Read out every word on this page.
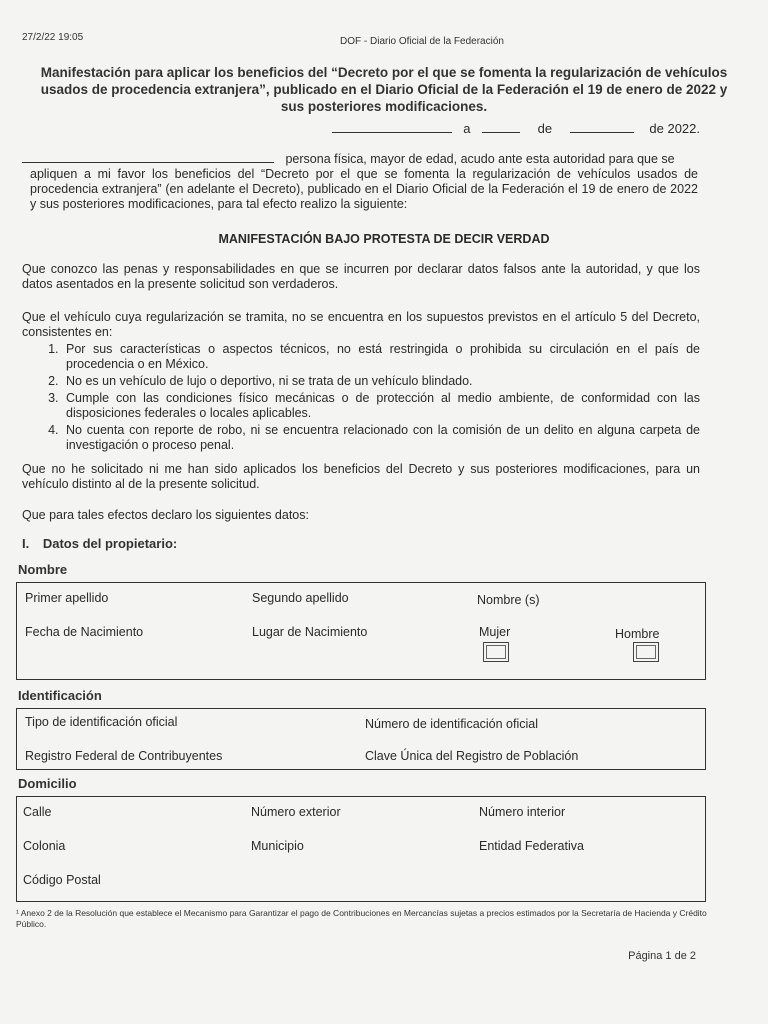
27/2/22 19:05	DOF - Diario Oficial de la Federación
Manifestación para aplicar los beneficios del “Decreto por el que se fomenta la regularización de vehículos usados de procedencia extranjera”, publicado en el Diario Oficial de la Federación el 19 de enero de 2022 y sus posteriores modificaciones.
a	de	de 2022.
persona física, mayor de edad, acudo ante esta autoridad para que se
apliquen a mi favor los beneficios del “Decreto por el que se fomenta la regularización de vehículos usados de procedencia extranjera” (en adelante el Decreto), publicado en el Diario Oficial de la Federación el 19 de enero de 2022 y sus posteriores modificaciones, para tal efecto realizo la siguiente:
MANIFESTACIÓN BAJO PROTESTA DE DECIR VERDAD
Que conozco las penas y responsabilidades en que se incurren por declarar datos falsos ante la autoridad, y que los datos asentados en la presente solicitud son verdaderos.
Que el vehículo cuya regularización se tramita, no se encuentra en los supuestos previstos en el artículo 5 del Decreto, consistentes en:
1. Por sus características o aspectos técnicos, no está restringida o prohibida su circulación en el país de procedencia o en México.
2. No es un vehículo de lujo o deportivo, ni se trata de un vehículo blindado.
3. Cumple con las condiciones físico mecánicas o de protección al medio ambiente, de conformidad con las disposiciones federales o locales aplicables.
4. No cuenta con reporte de robo, ni se encuentra relacionado con la comisión de un delito en alguna carpeta de investigación o proceso penal.
Que no he solicitado ni me han sido aplicados los beneficios del Decreto y sus posteriores modificaciones, para un vehículo distinto al de la presente solicitud.
Que para tales efectos declaro los siguientes datos:
I. Datos del propietario:
Nombre
Primer apellido	Segundo apellido	Nombre (s)
Fecha de Nacimiento	Lugar de Nacimiento	Mujer	Hombre
Identificación
Tipo de identificación oficial	Número de identificación oficial
Registro Federal de Contribuyentes	Clave Única del Registro de Población
Domicilio
Calle	Número exterior	Número interior
Colonia	Municipio	Entidad Federativa
Código Postal
¹ Anexo 2 de la Resolución que establece el Mecanismo para Garantizar el pago de Contribuciones en Mercancías sujetas a precios estimados por la Secretaría de Hacienda y Crédito Público.
Página 1 de 2
